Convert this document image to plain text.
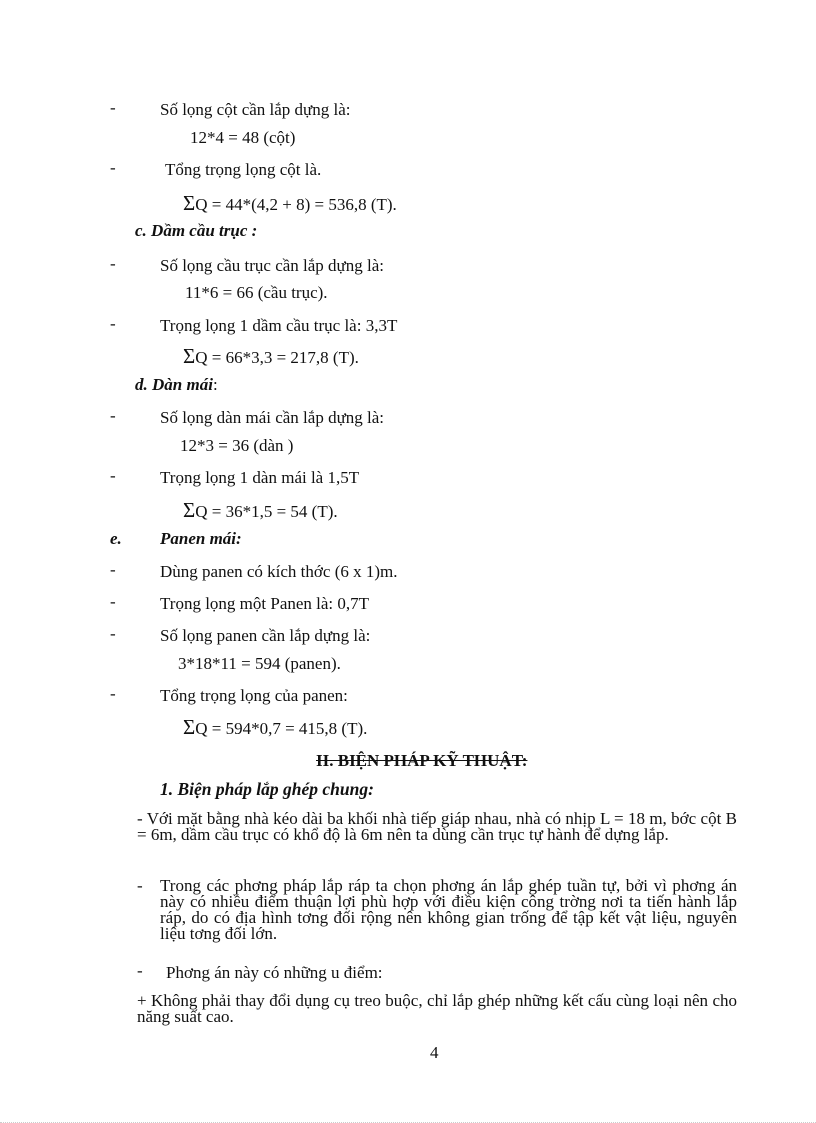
-	Số lọng cột cần lắp dựng là:
12*4 = 48 (cột)
-	Tổng trọng lọng cột là.
ΣQ = 44*(4,2 + 8) = 536,8 (T).
c. Dầm cầu trục :
-	Số lọng cầu trục cần lắp dựng là:
11*6 = 66 (cầu trục).
-	Trọng lọng 1 dầm cầu trục là: 3,3T
ΣQ = 66*3,3 = 217,8 (T).
d. Dàn mái:
-	Số lọng dàn mái cần lắp dựng là:
12*3 = 36 (dàn )
-	Trọng lọng 1 dàn mái là 1,5T
ΣQ = 36*1,5 = 54 (T).
e. Panen mái:
-	Dùng panen có kích thớc (6 x 1)m.
-	Trọng lọng một Panen là: 0,7T
-	Số lọng panen cần lắp dựng là:
3*18*11 = 594 (panen).
-	Tổng trọng lọng của panen:
ΣQ = 594*0,7 = 415,8 (T).
II. BIỆN PHÁP KỸ THUẬT:
1. Biện pháp lắp ghép chung:
- Với mặt bằng nhà kéo dài ba khối nhà tiếp giáp nhau, nhà có nhịp L = 18 m, bớc cột B = 6m, dầm cầu trục có khổ độ là 6m nên ta dùng cần trục tự hành để dựng lắp.
- Trong các phơng pháp lắp ráp ta chọn phơng án lắp ghép tuần tự, bởi vì phơng án này có nhiều điểm thuận lợi phù hợp với điều kiện công trờng nơi ta tiến hành lắp ráp, do có địa hình tơng đối rộng nên không gian trống để tập kết vật liệu, nguyên liệu tơng đối lớn.
- Phơng án này có những u điểm:
+ Không phải thay đổi dụng cụ treo buộc, chỉ lắp ghép những kết cấu cùng loại nên cho năng suất cao.
4
